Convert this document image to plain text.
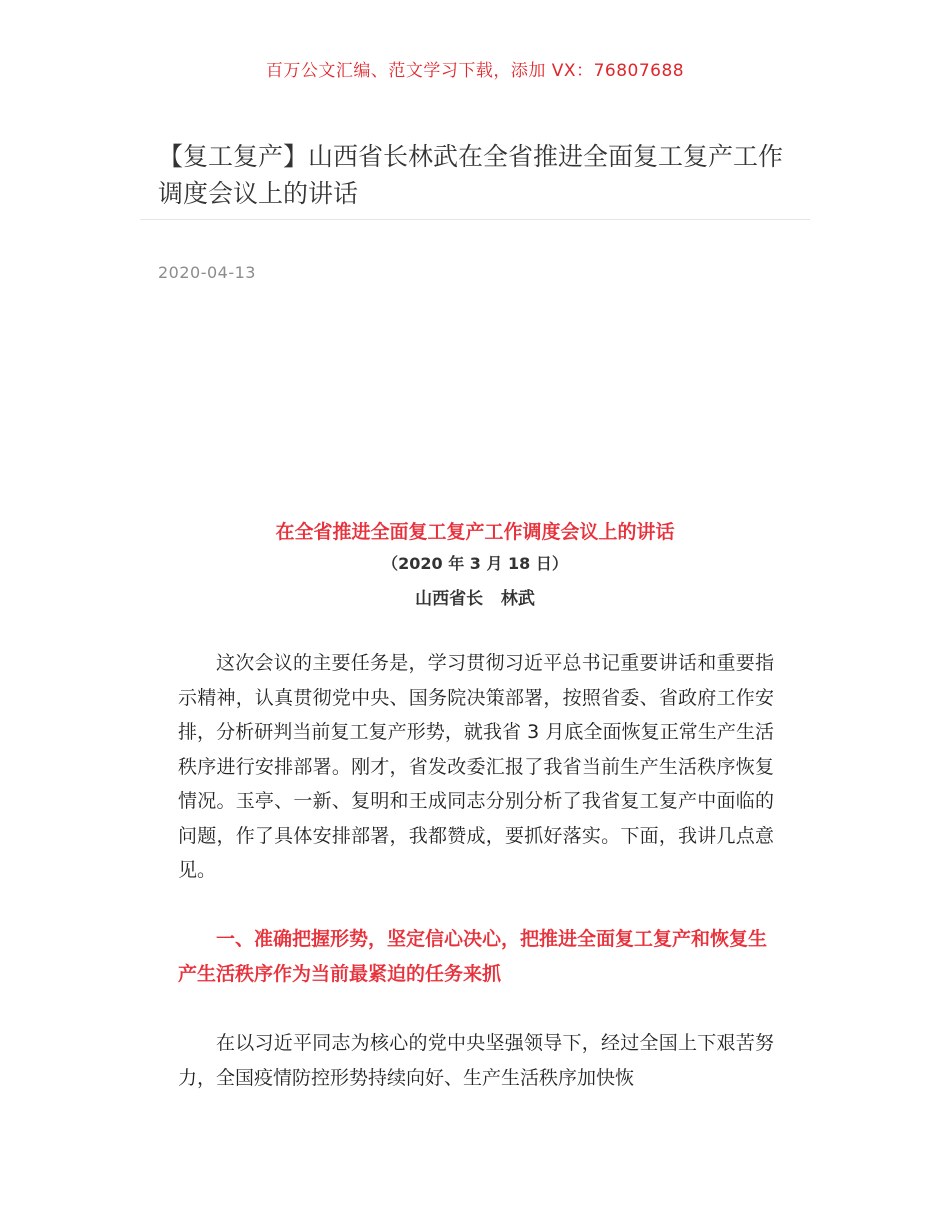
百万公文汇编、范文学习下载，添加 VX：76807688
【复工复产】山西省长林武在全省推进全面复工复产工作调度会议上的讲话
2020-04-13
在全省推进全面复工复产工作调度会议上的讲话
（2020 年 3 月 18 日）
山西省长   林武

这次会议的主要任务是，学习贯彻习近平总书记重要讲话和重要指示精神，认真贯彻党中央、国务院决策部署，按照省委、省政府工作安排，分析研判当前复工复产形势，就我省 3 月底全面恢复正常生产生活秩序进行安排部署。刚才，省发改委汇报了我省当前生产生活秩序恢复情况。玉亭、一新、复明和王成同志分别分析了我省复工复产中面临的问题，作了具体安排部署，我都赞成，要抓好落实。下面，我讲几点意见。

一、准确把握形势，坚定信心决心，把推进全面复工复产和恢复生产生活秩序作为当前最紧迫的任务来抓

在以习近平同志为核心的党中央坚强领导下，经过全国上下艰苦努力，全国疫情防控形势持续向好、生产生活秩序加快恢
